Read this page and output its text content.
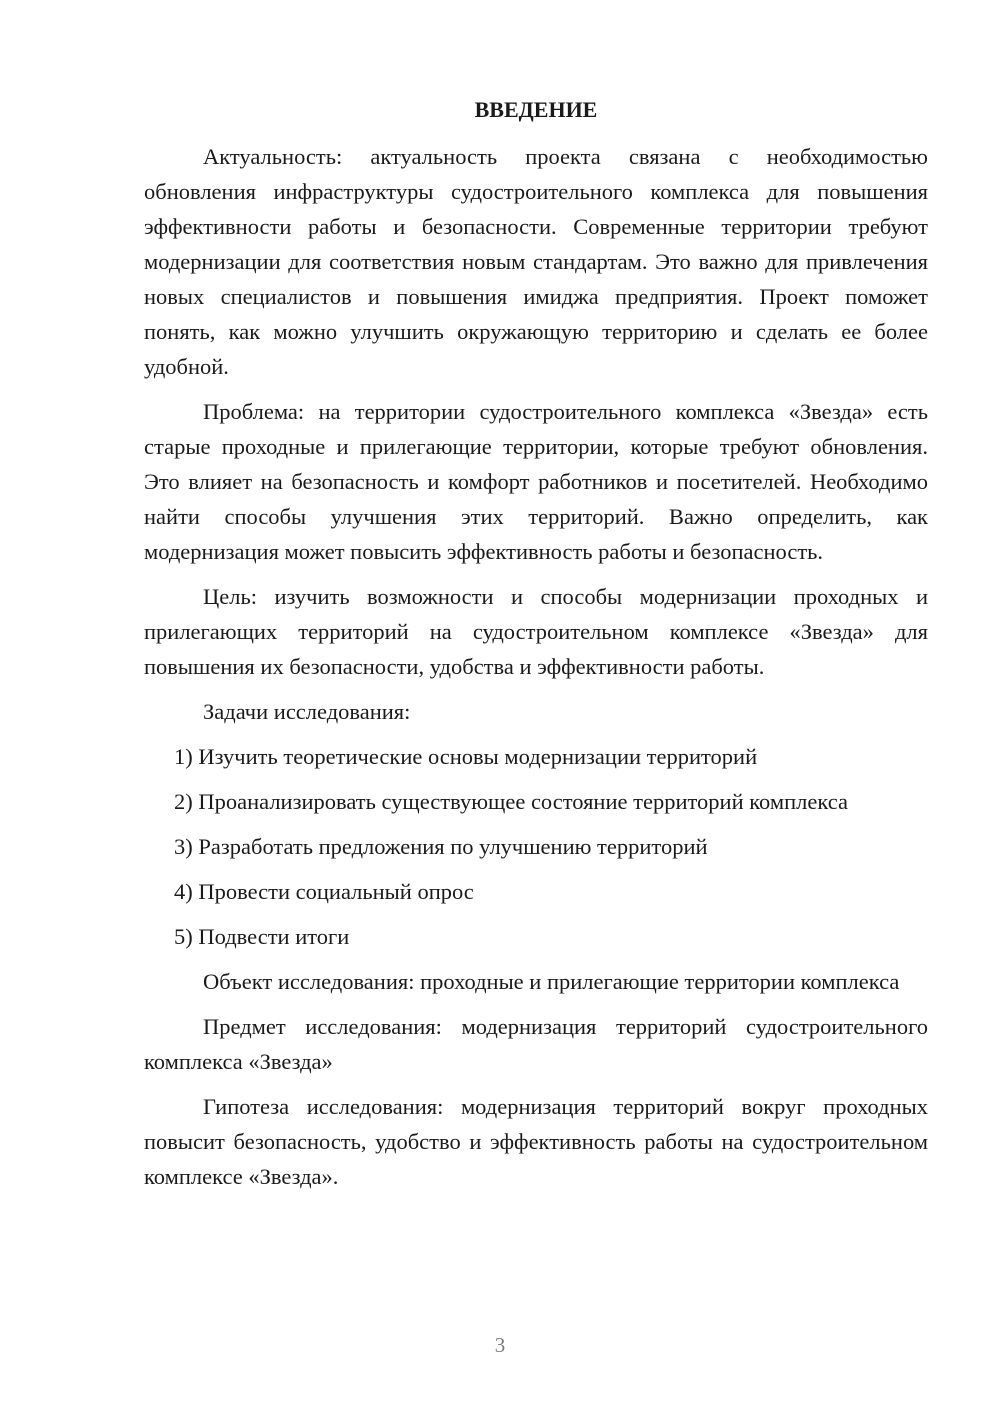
ВВЕДЕНИЕ

Актуальность: актуальность проекта связана с необходимостью обновления инфраструктуры судостроительного комплекса для повышения эффективности работы и безопасности. Современные территории требуют модернизации для соответствия новым стандартам. Это важно для привлечения новых специалистов и повышения имиджа предприятия. Проект поможет понять, как можно улучшить окружающую территорию и сделать ее более удобной.

Проблема: на территории судостроительного комплекса «Звезда» есть старые проходные и прилегающие территории, которые требуют обновления. Это влияет на безопасность и комфорт работников и посетителей. Необходимо найти способы улучшения этих территорий. Важно определить, как модернизация может повысить эффективность работы и безопасность.

Цель: изучить возможности и способы модернизации проходных и прилегающих территорий на судостроительном комплексе «Звезда» для повышения их безопасности, удобства и эффективности работы.

Задачи исследования:

1) Изучить теоретические основы модернизации территорий
2) Проанализировать существующее состояние территорий комплекса
3) Разработать предложения по улучшению территорий
4) Провести социальный опрос
5) Подвести итоги

Объект исследования: проходные и прилегающие территории комплекса

Предмет исследования: модернизация территорий судостроительного комплекса «Звезда»

Гипотеза исследования: модернизация территорий вокруг проходных повысит безопасность, удобство и эффективность работы на судостроительном комплексе «Звезда».

3
